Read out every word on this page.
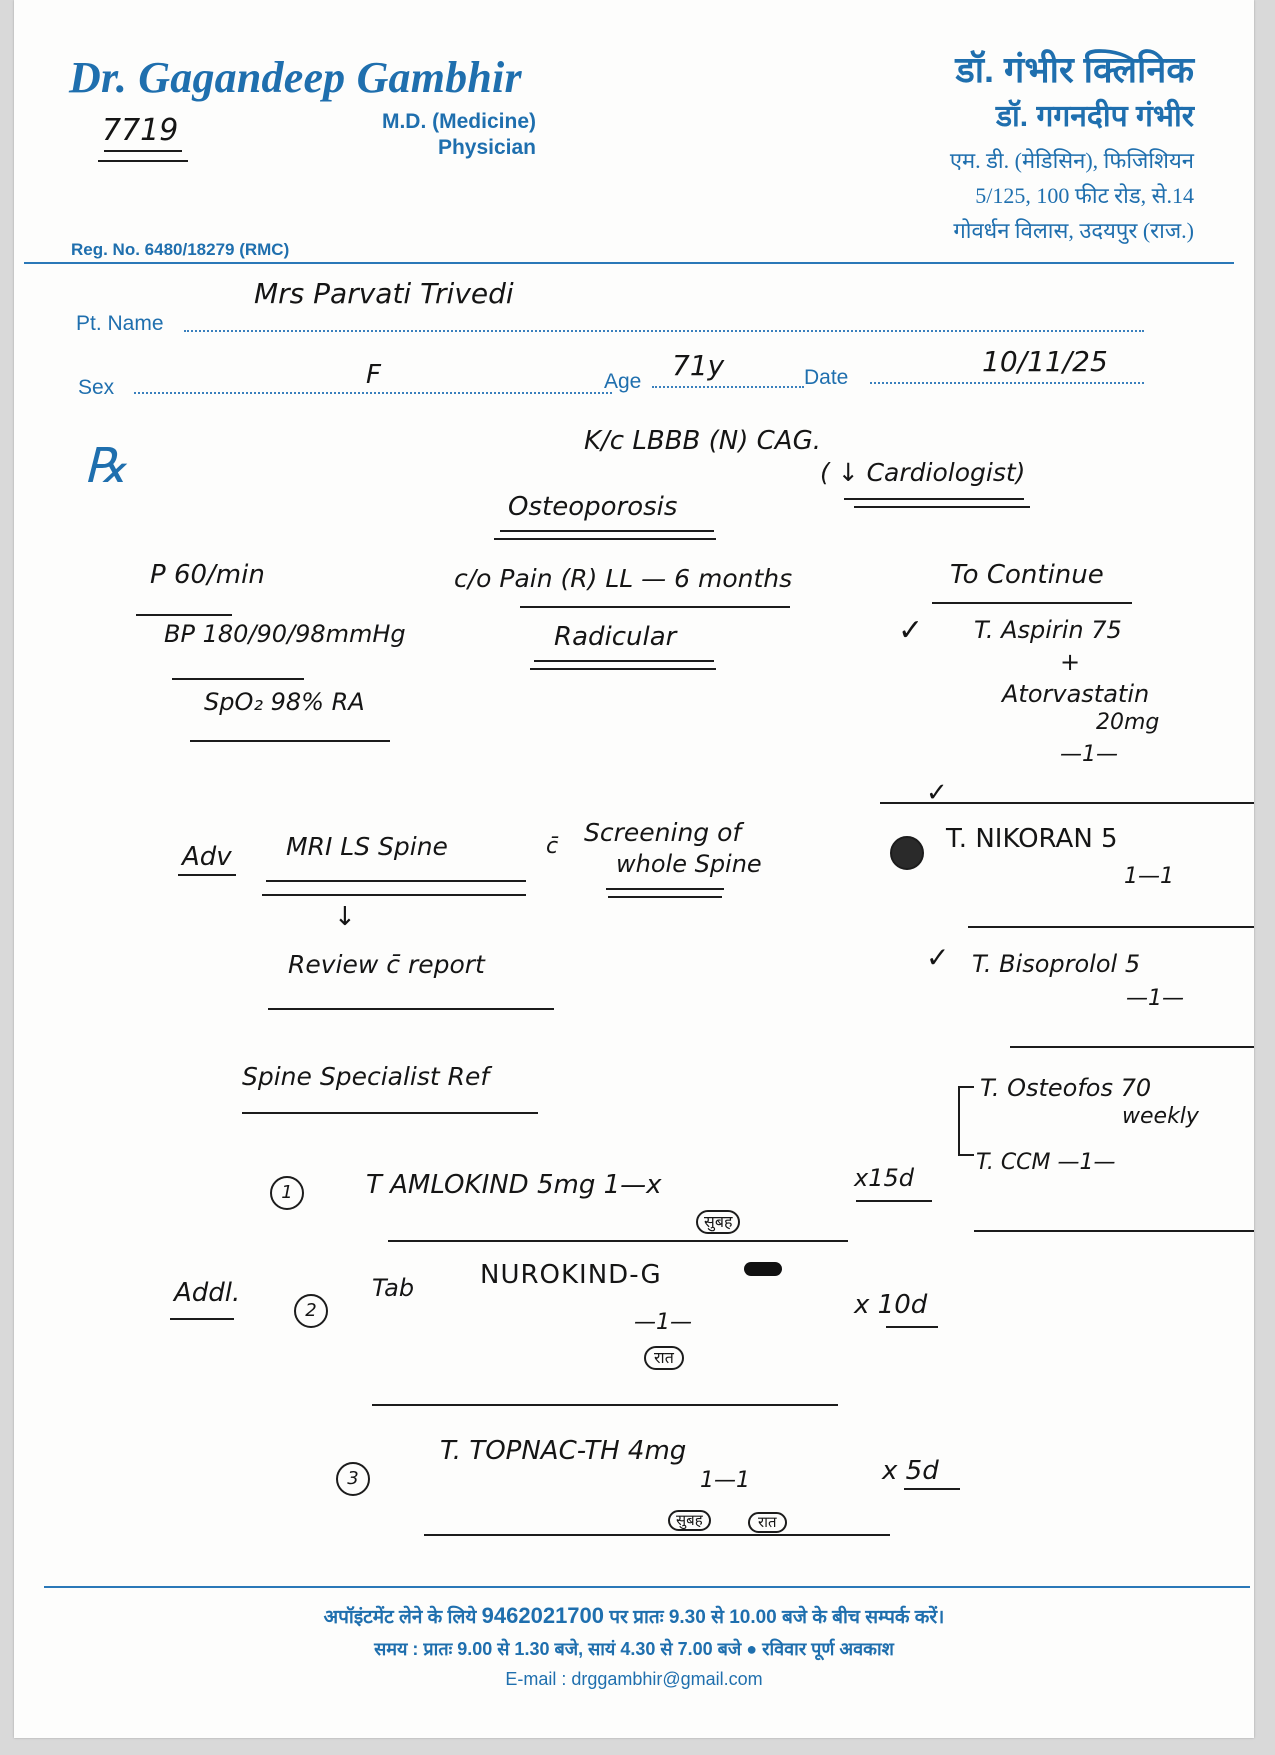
Dr. Gagandeep Gambhir
M.D. (Medicine)
Physician
Reg. No. 6480/18279 (RMC)
डॉ. गंभीर क्लिनिक
डॉ. गगनदीप गंभीर
एम. डी. (मेडिसिन), फिजिशियन
5/125, 100 फीट रोड, से.14
गोवर्धन विलास, उदयपुर (राज.)
7719
Pt. Name
Mrs Parvati Trivedi
Sex	F	Age 71y	Date	10/11/25
℞	K/c LBBB (N) CAG.
( ↓ Cardiologist)
Osteoporosis
P 60/min
BP 180/90/98mmHg
SpO₂ 98% RA
c/o Pain (R) LL — 6 months
Radicular
To Continue
✓ T. Aspirin 75
+
Atorvastatin
20mg
—1—
✓
Adv MRI LS Spine	c̄ Screening of
whole Spine
↓
Review c̄ report
T. NIKORAN 5
1—1
✓ T. Bisoprolol 5
—1—
Spine Specialist Ref	T. Osteofos 70
weekly
T. CCM —1—
1	T AMLOKIND 5mg 1—x	x15d
सुबह
Addl.
2
Tab	NUROKIND-G
x 10d
—1—
रात
3
T. TOPNAC-TH 4mg
x 5d
1—1
सुबह	रात
अपॉइंटमेंट लेने के लिये 9462021700 पर प्रातः 9.30 से 10.00 बजे के बीच सम्पर्क करें।
समय : प्रातः 9.00 से 1.30 बजे, सायं 4.30 से 7.00 बजे ● रविवार पूर्ण अवकाश
E-mail : drggambhir@gmail.com
